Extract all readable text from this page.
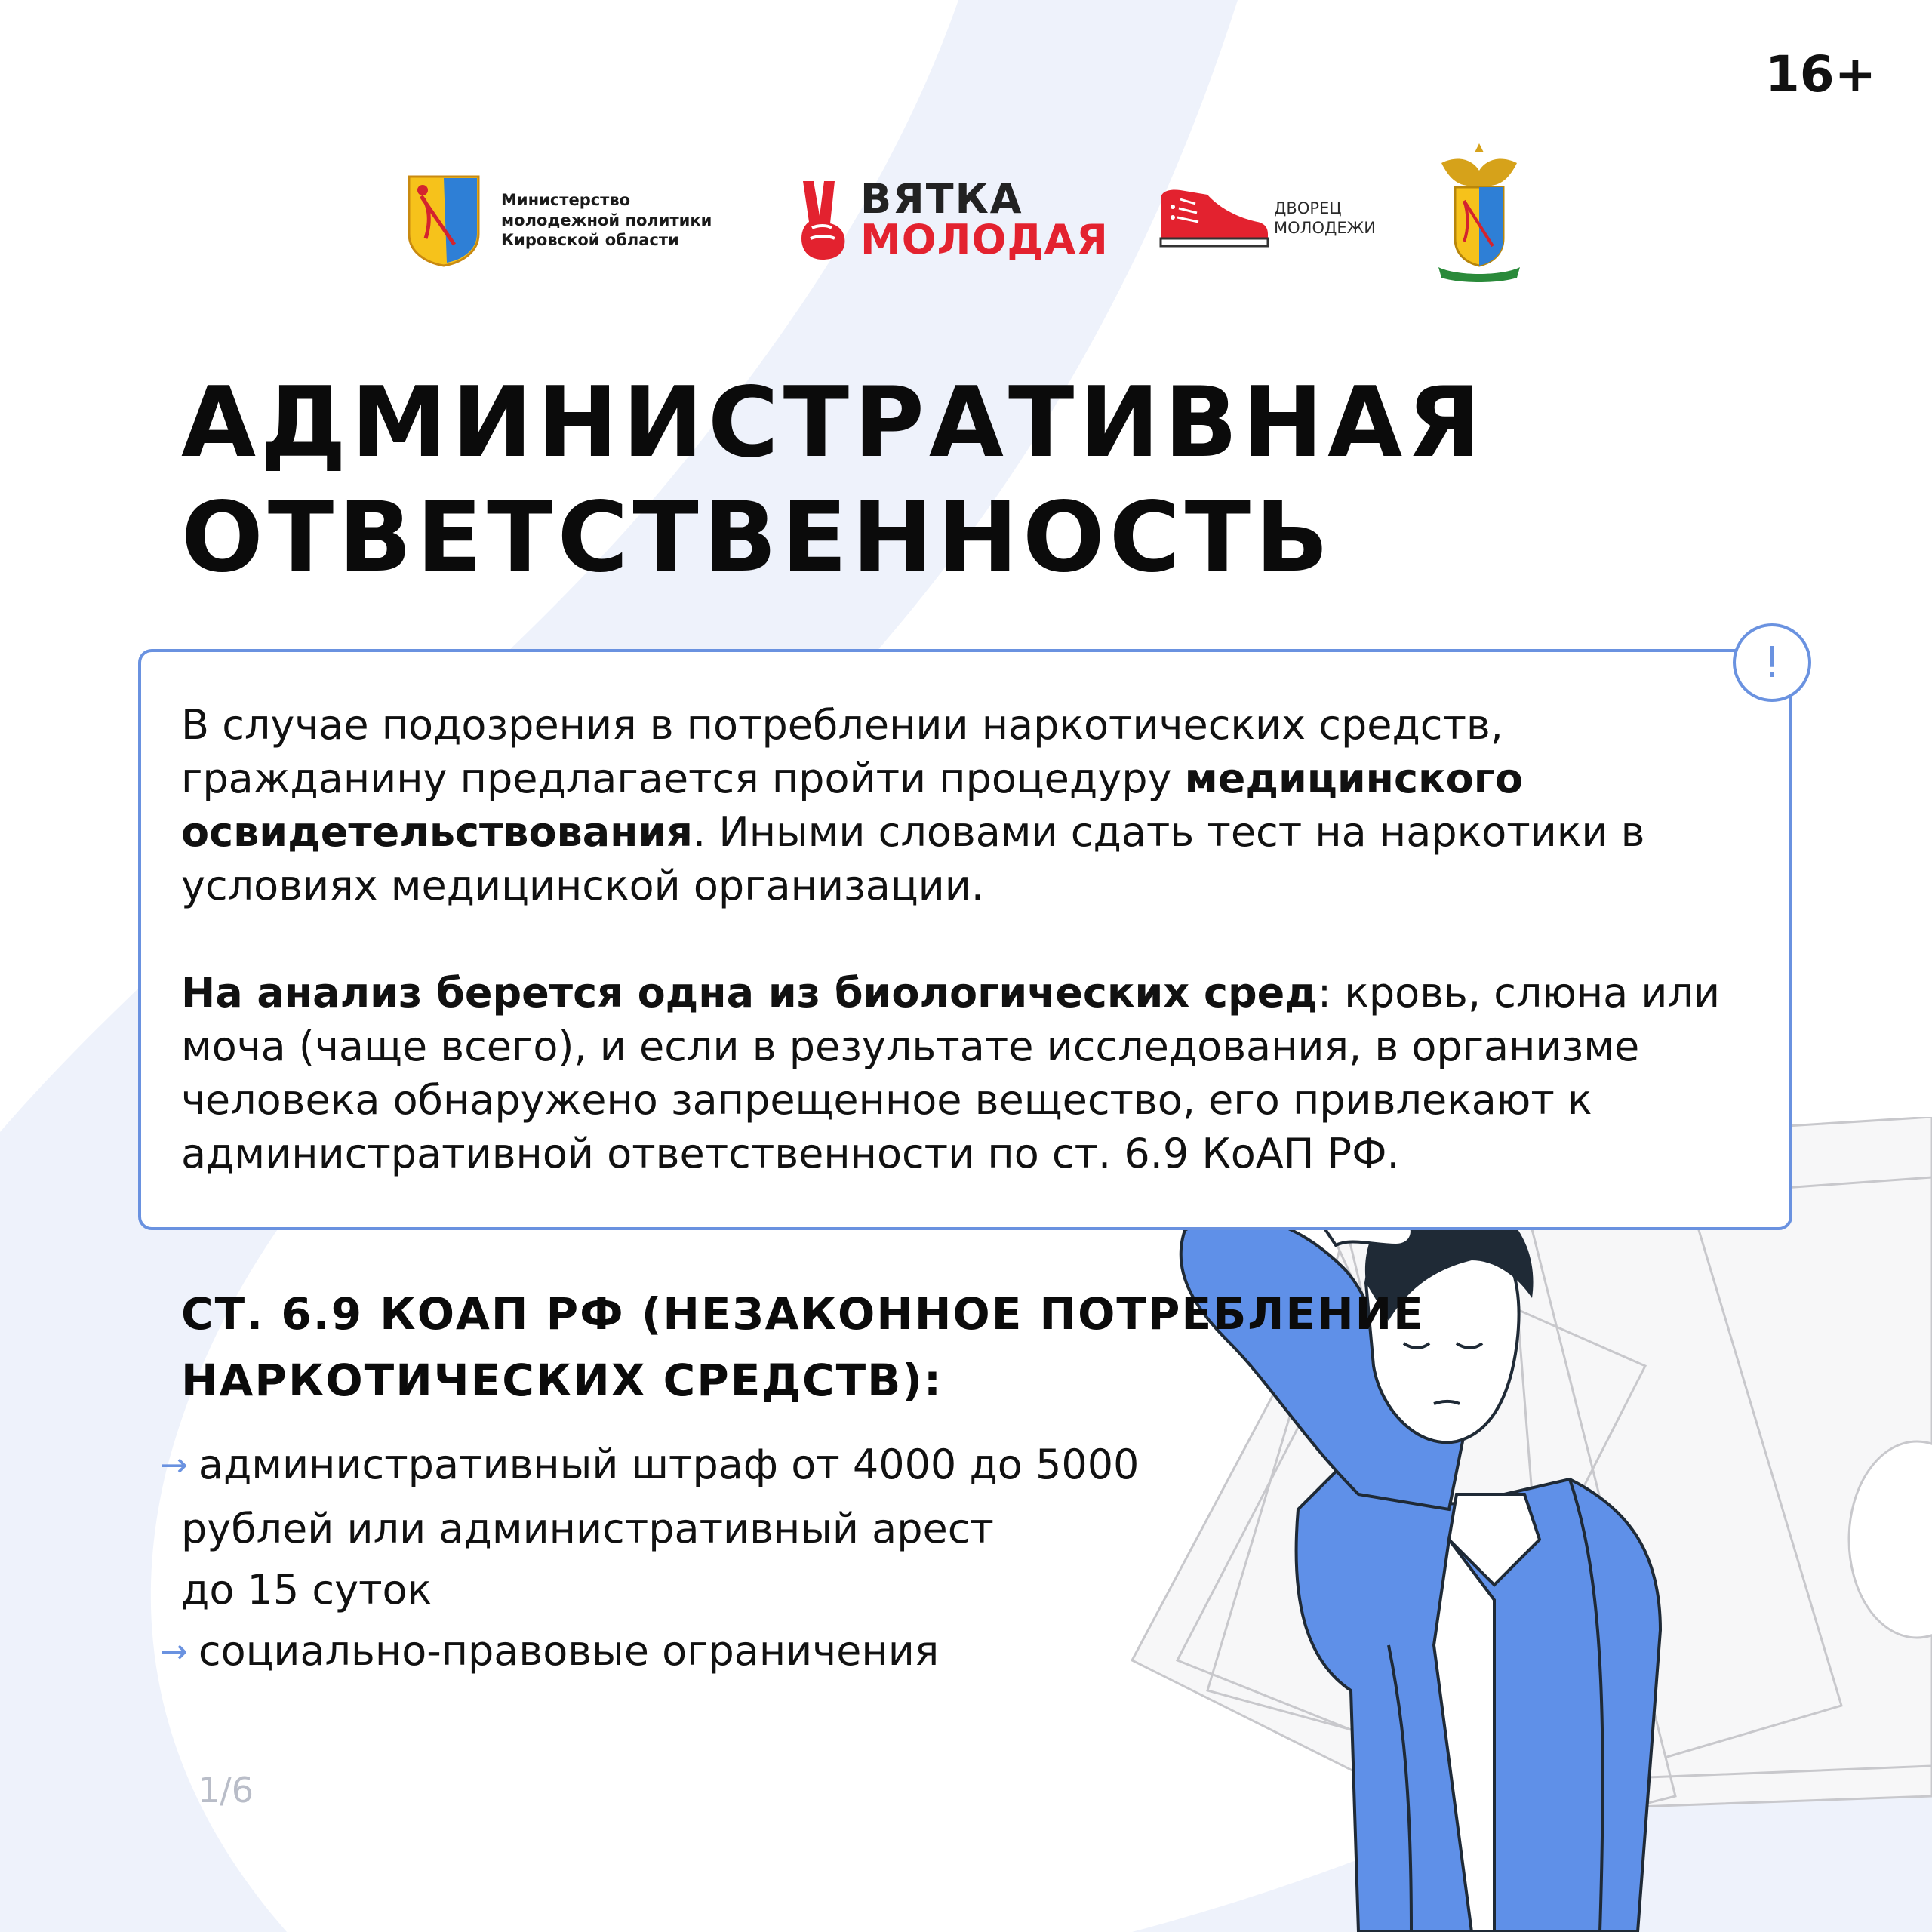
16+
Министерство
молодежной политики
Кировской области
ВЯТКА
МОЛОДАЯ
ДВОРЕЦ
МОЛОДЕЖИ
АДМИНИСТРАТИВНАЯ
ОТВЕТСТВЕННОСТЬ
!

В случае подозрения в потреблении наркотических средств, гражданину предлагается пройти процедуру медицинского освидетельствования. Иными словами сдать тест на наркотики в условиях медицинской организации.

На анализ берется одна из биологических сред: кровь, слюна или моча (чаще всего), и если в результате исследования, в организме человека обнаружено запрещенное вещество, его привлекают к административной ответственности по ст. 6.9 КоАП РФ.

СТ. 6.9 КОАП РФ (НЕЗАКОННОЕ ПОТРЕБЛЕНИЕ
НАРКОТИЧЕСКИХ СРЕДСТВ):
→ административный штраф от 4000 до 5000
рублей или административный арест
до 15 суток
→ социально-правовые ограничения
1/6
